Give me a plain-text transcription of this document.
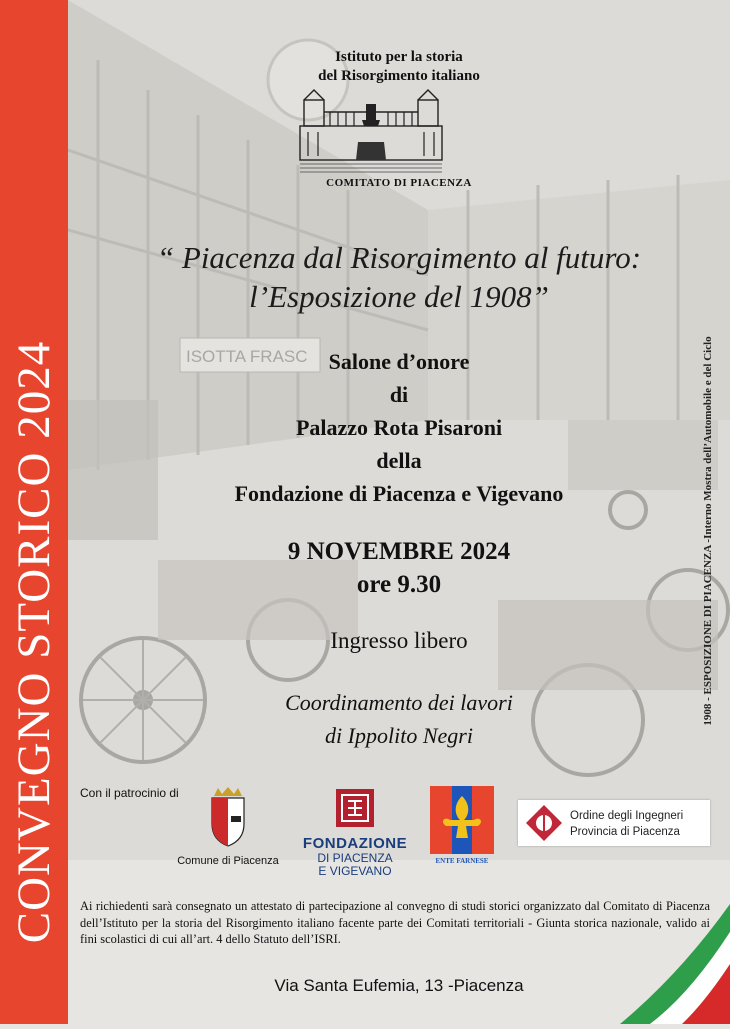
CONVEGNO STORICO 2024	ISOTTA FRASC	1908 - ESPOSIZIONE DI PIACENZA -Interno Mostra dell’Automobile e del Ciclo
Istituto per la storia
del Risorgimento italiano
COMITATO DI PIACENZA
“ Piacenza dal Risorgimento al futuro:
l’Esposizione del 1908”
Salone d’onore
di
Palazzo Rota Pisaroni
della
Fondazione di Piacenza e Vigevano
9 NOVEMBRE 2024
ore 9.30
Ingresso libero
Coordinamento dei lavori
di Ippolito Negri
Con il patrocinio di
Comune di Piacenza
FONDAZIONE
DI PIACENZA
E VIGEVANO
ENTE FARNESE
Ordine degli Ingegneri
Provincia di Piacenza
Ai richiedenti sarà consegnato un attestato di partecipazione al convegno di studi storici organizzato dal Comitato di Piacenza dell’Istituto per la storia del Risorgimento italiano facente parte dei Comitati territoriali - Giunta storica nazionale, valido ai fini scolastici di cui all’art. 4 dello Statuto dell’ISRI.
Via Santa Eufemia, 13 -Piacenza
